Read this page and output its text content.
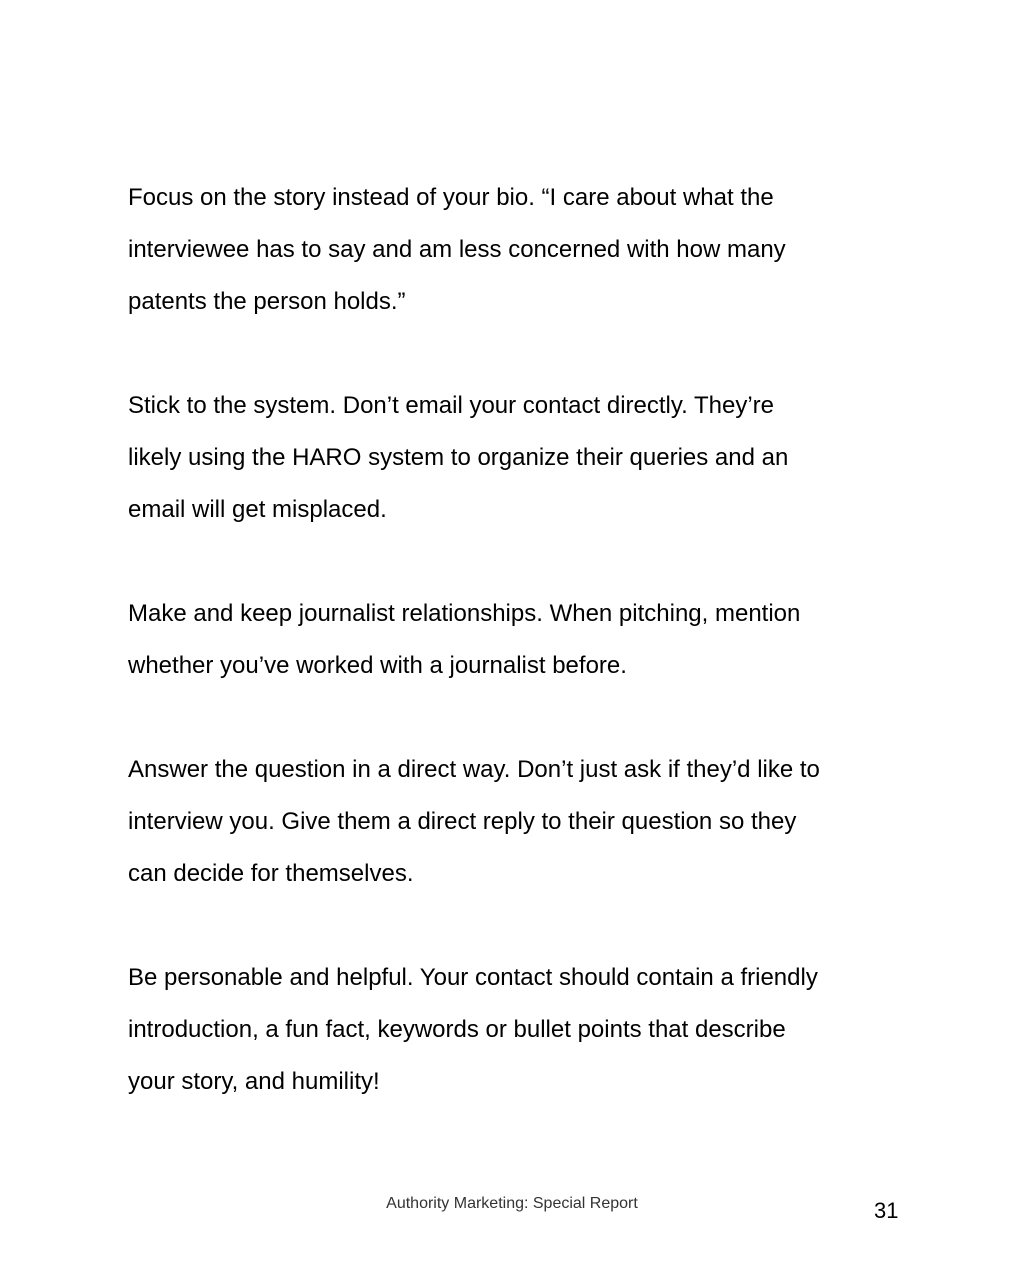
Focus on the story instead of your bio. “I care about what the
interviewee has to say and am less concerned with how many
patents the person holds.”

Stick to the system. Don’t email your contact directly. They’re
likely using the HARO system to organize their queries and an
email will get misplaced.

Make and keep journalist relationships. When pitching, mention
whether you’ve worked with a journalist before.

Answer the question in a direct way. Don’t just ask if they’d like to
interview you. Give them a direct reply to their question so they
can decide for themselves.

Be personable and helpful. Your contact should contain a friendly
introduction, a fun fact, keywords or bullet points that describe
your story, and humility!

Authority Marketing: Special Report	31
